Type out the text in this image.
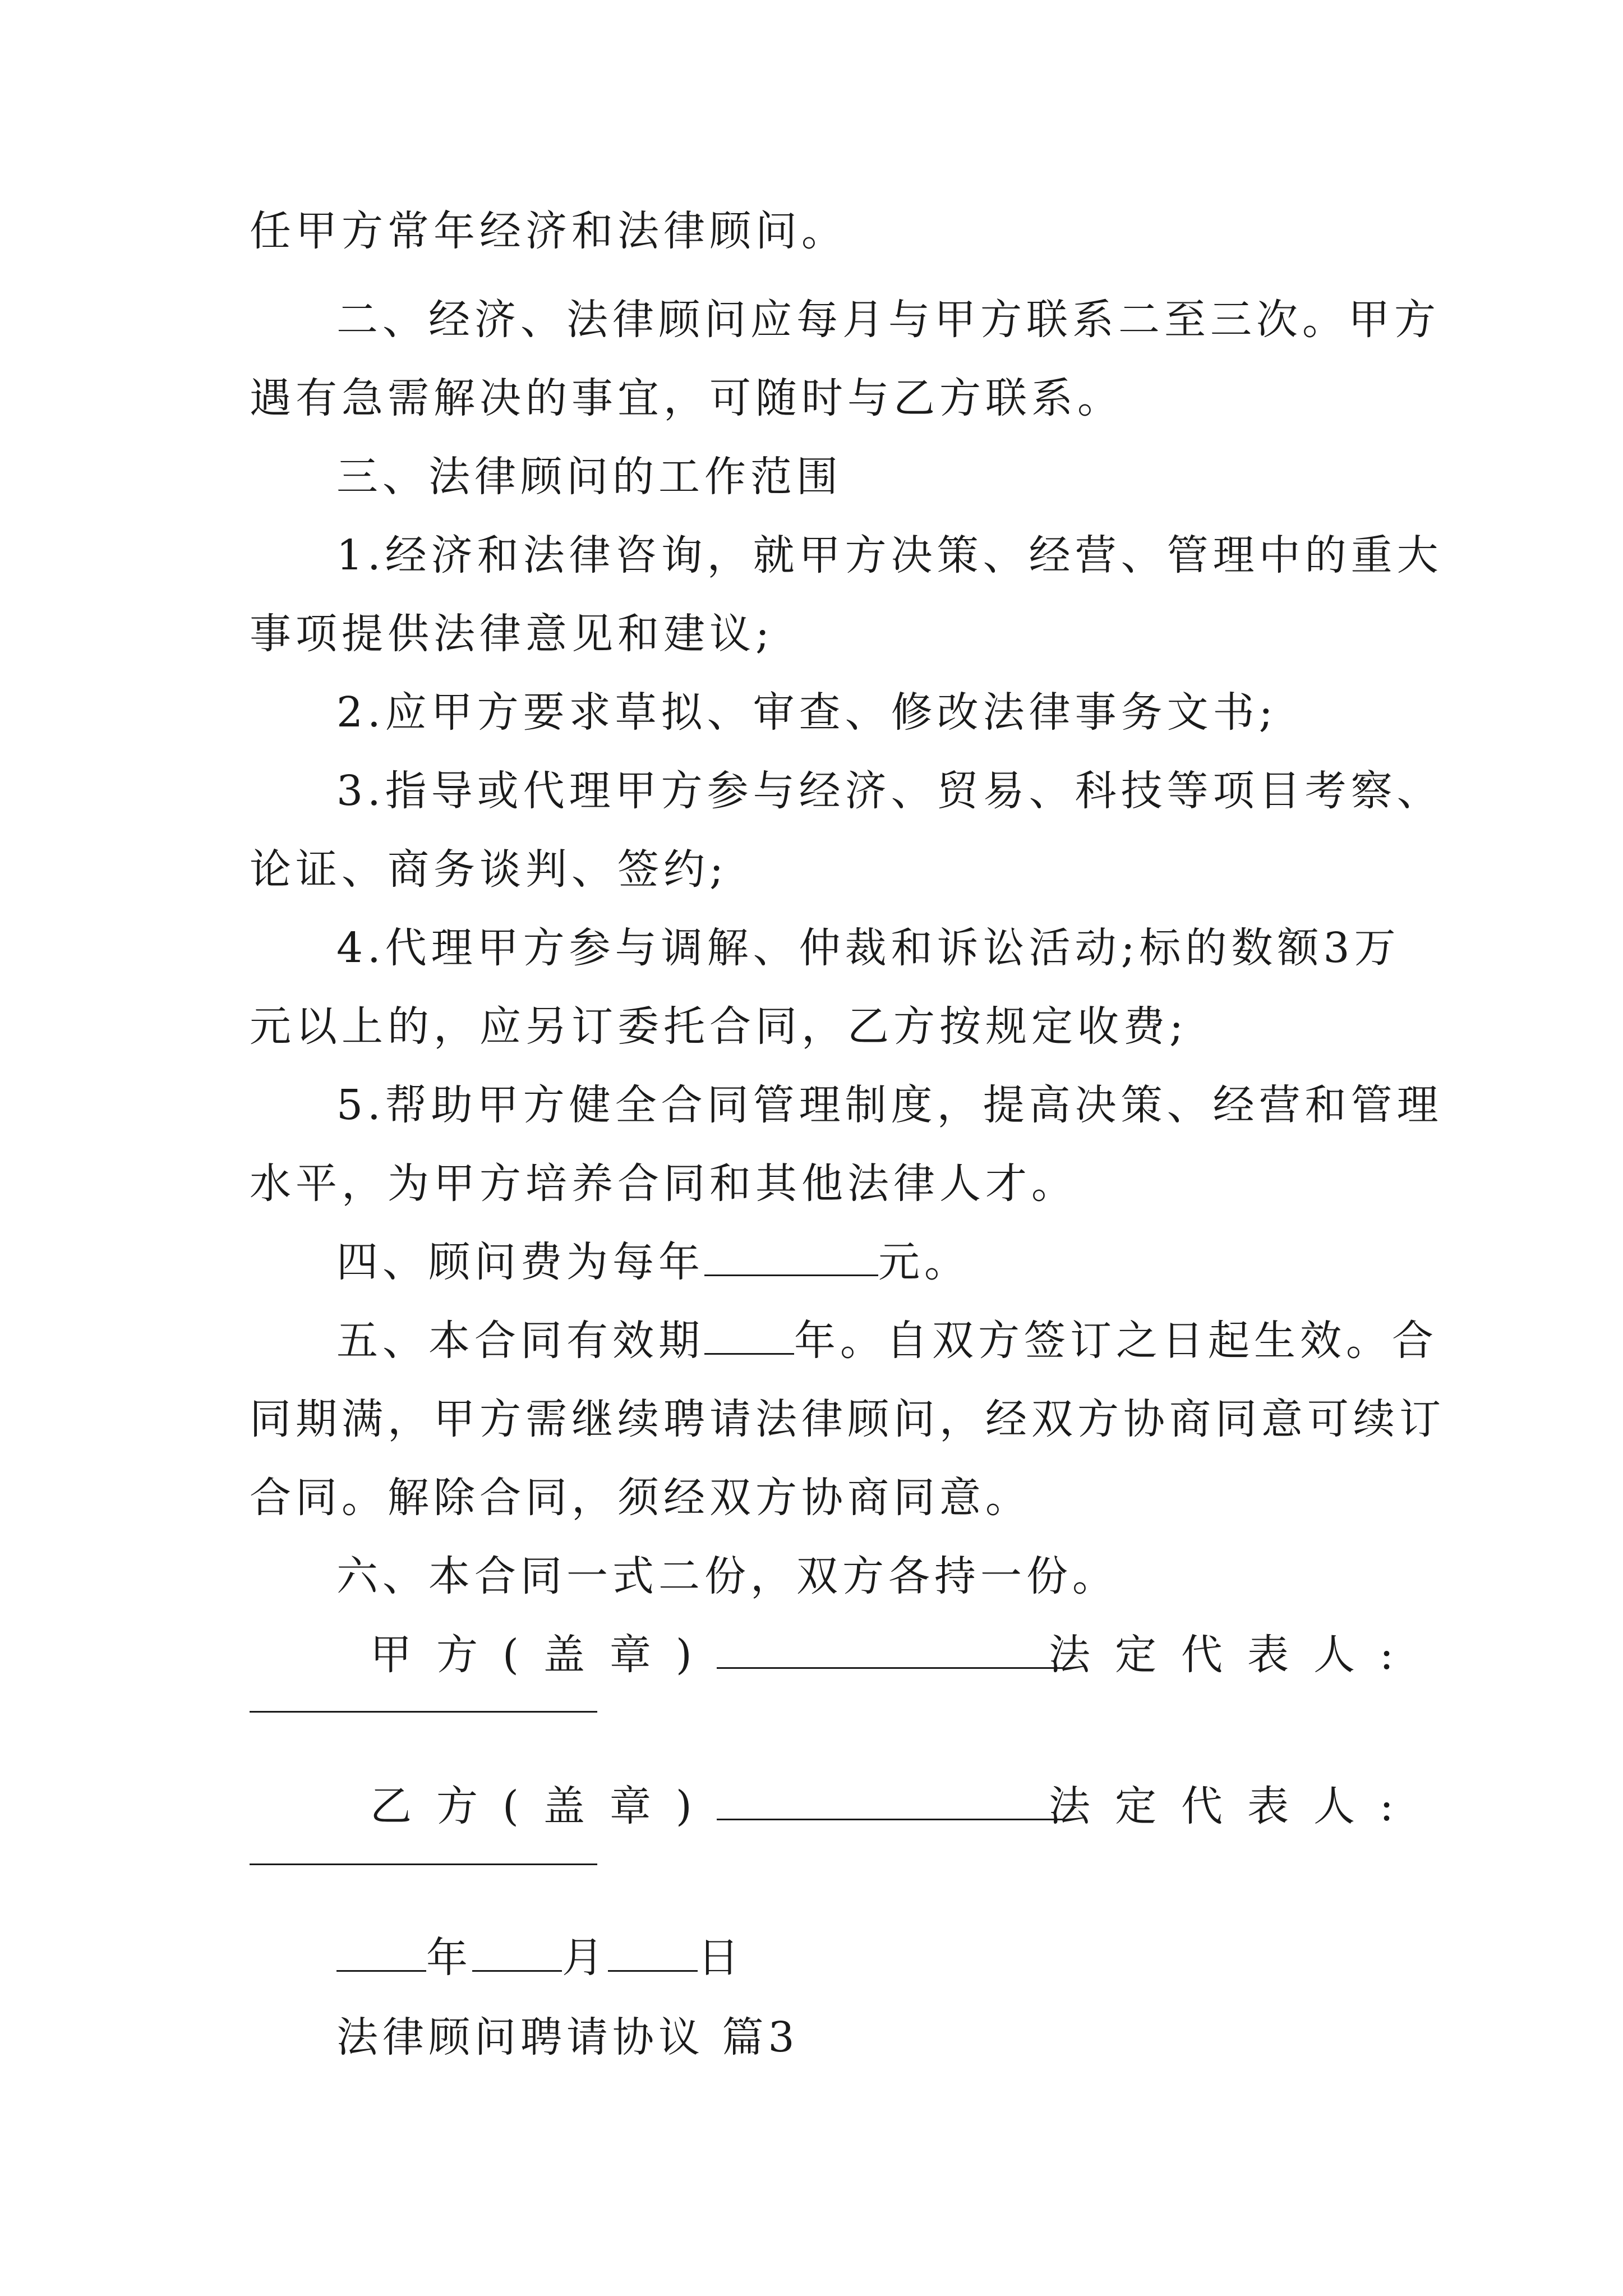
任甲方常年经济和法律顾问。
二、经济、法律顾问应每月与甲方联系二至三次。甲方
遇有急需解决的事宜，可随时与乙方联系。
三、法律顾问的工作范围
1.经济和法律咨询，就甲方决策、经营、管理中的重大
事项提供法律意见和建议;
2.应甲方要求草拟、审查、修改法律事务文书;
3.指导或代理甲方参与经济、贸易、科技等项目考察、
论证、商务谈判、签约;
4.代理甲方参与调解、仲裁和诉讼活动;标的数额3万
元以上的，应另订委托合同，乙方按规定收费;
5.帮助甲方健全合同管理制度，提高决策、经营和管理
水平，为甲方培养合同和其他法律人才。
四、顾问费为每年	元。
五、本合同有效期 年。自双方签订之日起生效。合
同期满，甲方需继续聘请法律顾问，经双方协商同意可续订
合同。解除合同，须经双方协商同意。
六、本合同一式二份，双方各持一份。
甲方(盖章)	法定代表人:
乙方(盖章)	法定代表人:
年 月 日
法律顾问聘请协议 篇3
